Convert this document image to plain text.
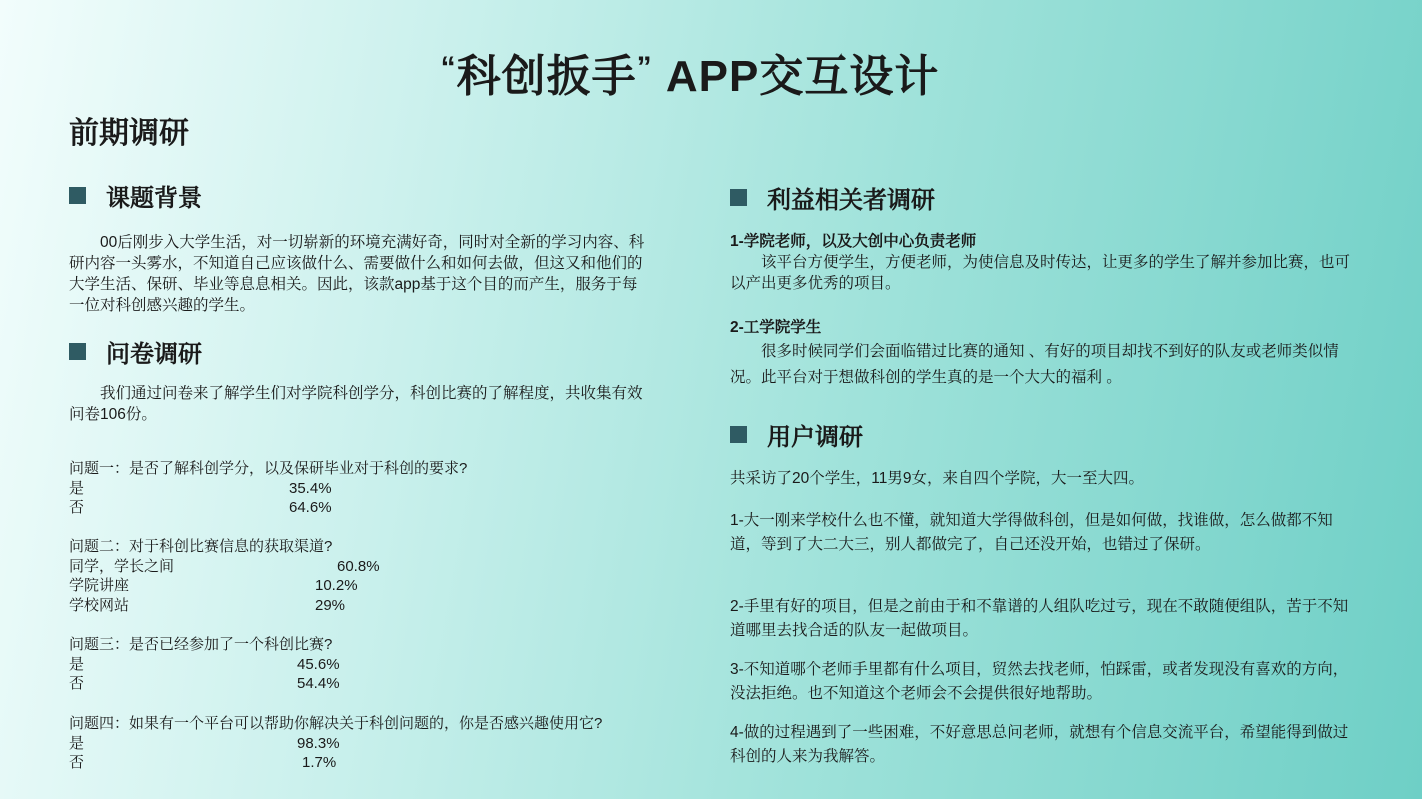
“科创扳手” APP交互设计
前期调研
课题背景
00后刚步入大学生活，对一切崭新的环境充满好奇，同时对全新的学习内容、科研内容一头雾水，不知道自己应该做什么、需要做什么和如何去做，但这又和他们的大学生活、保研、毕业等息息相关。因此，该款app基于这个目的而产生，服务于每一位对科创感兴趣的学生。
问卷调研
我们通过问卷来了解学生们对学院科创学分，科创比赛的了解程度，共收集有效问卷106份。
问题一：是否了解科创学分，以及保研毕业对于科创的要求?
是	35.4%
否	64.6%
问题二：对于科创比赛信息的获取渠道?
同学，学长之间	60.8%
学院讲座	10.2%
学校网站	29%
问题三：是否已经参加了一个科创比赛?
是	45.6%
否	54.4%
问题四：如果有一个平台可以帮助你解决关于科创问题的，你是否感兴趣使用它?
是	98.3%
否	1.7%
利益相关者调研
1-学院老师，以及大创中心负责老师
该平台方便学生，方便老师，为使信息及时传达，让更多的学生了解并参加比赛，也可以产出更多优秀的项目。
2-工学院学生
很多时候同学们会面临错过比赛的通知 、有好的项目却找不到好的队友或老师类似情况。此平台对于想做科创的学生真的是一个大大的福利 。
用户调研
共采访了20个学生，11男9女，来自四个学院，大一至大四。
1-大一刚来学校什么也不懂，就知道大学得做科创，但是如何做，找谁做，怎么做都不知道，等到了大二大三，别人都做完了，自己还没开始，也错过了保研。
2-手里有好的项目，但是之前由于和不靠谱的人组队吃过亏，现在不敢随便组队，苦于不知道哪里去找合适的队友一起做项目。
3-不知道哪个老师手里都有什么项目，贸然去找老师，怕踩雷，或者发现没有喜欢的方向，没法拒绝。也不知道这个老师会不会提供很好地帮助。
4-做的过程遇到了一些困难，不好意思总问老师，就想有个信息交流平台，希望能得到做过科创的人来为我解答。
